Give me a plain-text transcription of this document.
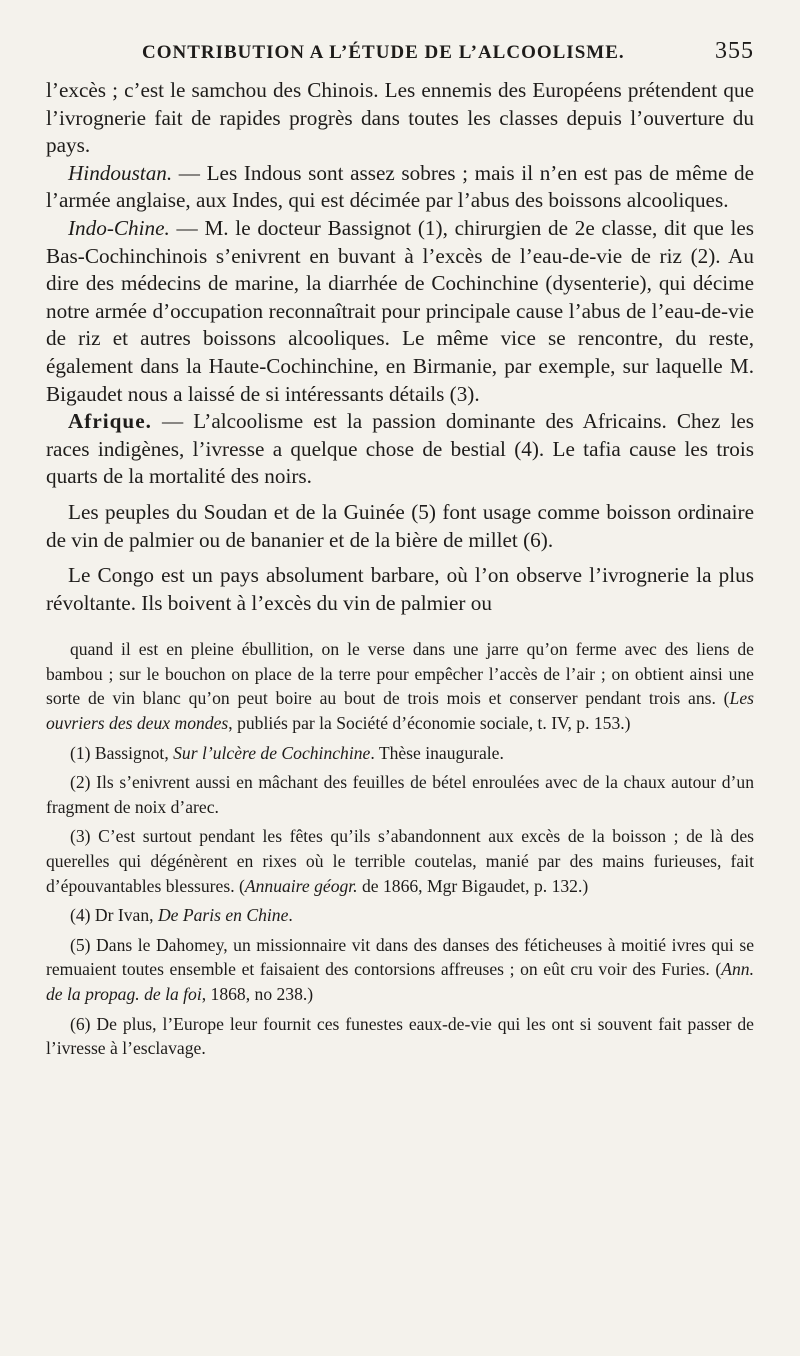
CONTRIBUTION A L’ÉTUDE DE L’ALCOOLISME.	355

l’excès ; c’est le samchou des Chinois. Les ennemis des Européens prétendent que l’ivrognerie fait de rapides progrès dans toutes les classes depuis l’ouverture du pays.

Hindoustan. — Les Indous sont assez sobres ; mais il n’en est pas de même de l’armée anglaise, aux Indes, qui est décimée par l’abus des boissons alcooliques.

Indo-Chine. — M. le docteur Bassignot (1), chirurgien de 2e classe, dit que les Bas-Cochinchinois s’enivrent en buvant à l’excès de l’eau-de-vie de riz (2). Au dire des médecins de marine, la diarrhée de Cochinchine (dysenterie), qui décime notre armée d’occupation reconnaîtrait pour principale cause l’abus de l’eau-de-vie de riz et autres boissons alcooliques. Le même vice se rencontre, du reste, également dans la Haute-Cochinchine, en Birmanie, par exemple, sur laquelle M. Bigaudet nous a laissé de si intéressants détails (3).

Afrique. — L’alcoolisme est la passion dominante des Africains. Chez les races indigènes, l’ivresse a quelque chose de bestial (4). Le tafia cause les trois quarts de la mortalité des noirs.

Les peuples du Soudan et de la Guinée (5) font usage comme boisson ordinaire de vin de palmier ou de bananier et de la bière de millet (6).

Le Congo est un pays absolument barbare, où l’on observe l’ivrognerie la plus révoltante. Ils boivent à l’excès du vin de palmier ou

quand il est en pleine ébullition, on le verse dans une jarre qu’on ferme avec des liens de bambou ; sur le bouchon on place de la terre pour empêcher l’accès de l’air ; on obtient ainsi une sorte de vin blanc qu’on peut boire au bout de trois mois et conserver pendant trois ans. (Les ouvriers des deux mondes, publiés par la Société d’économie sociale, t. IV, p. 153.)

(1) Bassignot, Sur l’ulcère de Cochinchine. Thèse inaugurale.

(2) Ils s’enivrent aussi en mâchant des feuilles de bétel enroulées avec de la chaux autour d’un fragment de noix d’arec.

(3) C’est surtout pendant les fêtes qu’ils s’abandonnent aux excès de la boisson ; de là des querelles qui dégénèrent en rixes où le terrible coutelas, manié par des mains furieuses, fait d’épouvantables blessures. (Annuaire géogr. de 1866, Mgr Bigaudet, p. 132.)

(4) Dr Ivan, De Paris en Chine.

(5) Dans le Dahomey, un missionnaire vit dans des danses des féticheuses à moitié ivres qui se remuaient toutes ensemble et faisaient des contorsions affreuses ; on eût cru voir des Furies. (Ann. de la propag. de la foi, 1868, no 238.)

(6) De plus, l’Europe leur fournit ces funestes eaux-de-vie qui les ont si souvent fait passer de l’ivresse à l’esclavage.
